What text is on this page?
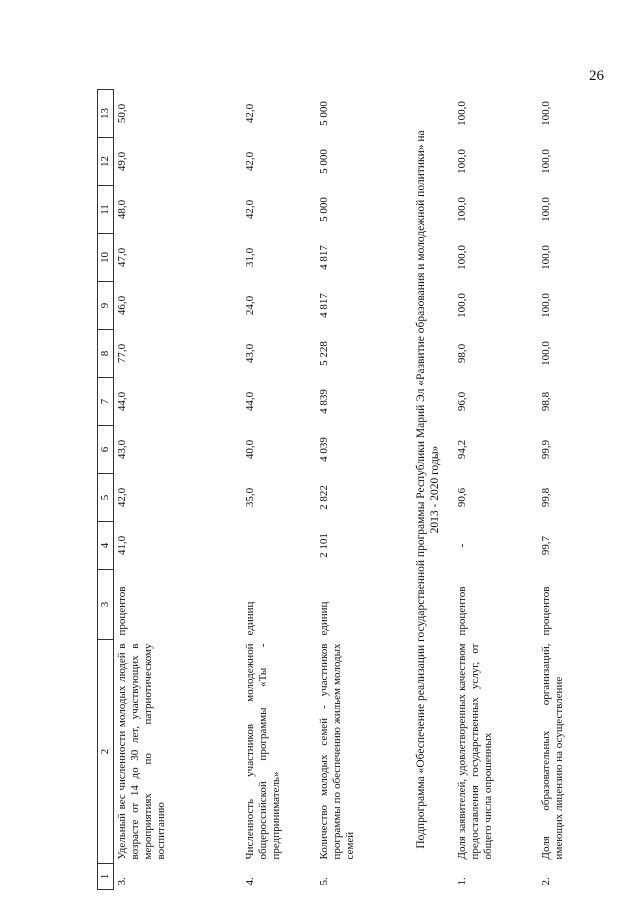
26
1	2	3	4	5	6	7	8	9	10	11	12	13
3.	Удельный вес численности молодых людей в возрасте от 14 до 30 лет, участвующих в мероприятиях по патриотическому воспитанию	процентов	41,0	42,0	43,0	44,0	77,0	46,0	47,0	48,0	49,0	50,0
4.	Численность участников молодежной общероссийской программы «Ты - предприниматель»	единиц		35,0	40,0	44,0	43,0	24,0	31,0	42,0	42,0	42,0
5.	Количество молодых семей - участников программы по обеспечению жильем молодых семей	единиц	2 101	2 822	4 039	4 839	5 228	4 817	4 817	5 000	5 000	5 000
Подпрограмма «Обеспечение реализации государственной программы Республики Марий Эл «Развитие образования и молодежной политики» на 2013 - 2020 годы»												
1.	Доля заявителей, удовлетворенных качеством предоставления государственных услуг, от общего числа опрошенных	процентов	-	90,6	94,2	96,0	98,0	100,0	100,0	100,0	100,0	100,0
2.	Доля образовательных организаций, имеющих лицензию на осуществление	процентов	99,7	99,8	99,9	98,8	100,0	100,0	100,0	100,0	100,0	100,0
